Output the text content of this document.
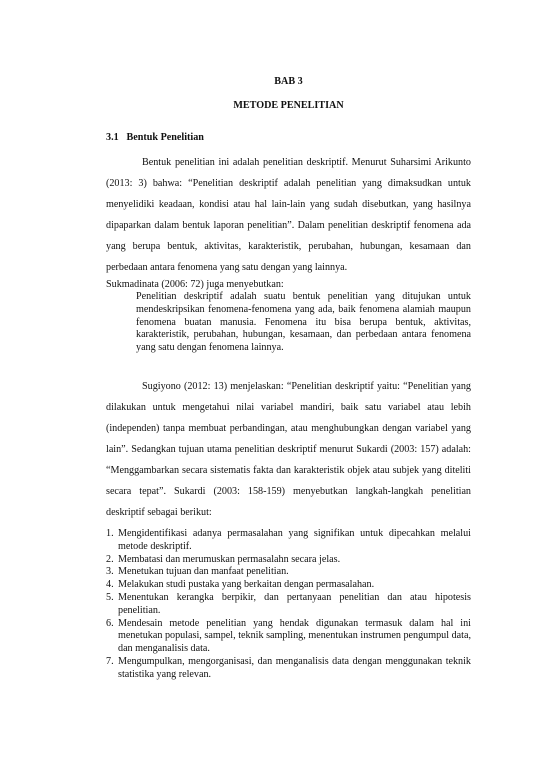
BAB 3
METODE PENELITIAN
3.1 Bentuk Penelitian

Bentuk penelitian ini adalah penelitian deskriptif. Menurut Suharsimi Arikunto (2013: 3) bahwa: “Penelitian deskriptif adalah penelitian yang dimaksudkan untuk menyelidiki keadaan, kondisi atau hal lain-lain yang sudah disebutkan, yang hasilnya dipaparkan dalam bentuk laporan penelitian”. Dalam penelitian deskriptif fenomena ada yang berupa bentuk, aktivitas, karakteristik, perubahan, hubungan, kesamaan dan perbedaan antara fenomena yang satu dengan yang lainnya.

Sukmadinata (2006: 72) juga menyebutkan:

Penelitian deskriptif adalah suatu bentuk penelitian yang ditujukan untuk mendeskripsikan fenomena-fenomena yang ada, baik fenomena alamiah maupun fenomena buatan manusia. Fenomena itu bisa berupa bentuk, aktivitas, karakteristik, perubahan, hubungan, kesamaan, dan perbedaan antara fenomena yang satu dengan fenomena lainnya.

Sugiyono (2012: 13) menjelaskan: “Penelitian deskriptif yaitu: “Penelitian yang dilakukan untuk mengetahui nilai variabel mandiri, baik satu variabel atau lebih (independen) tanpa membuat perbandingan, atau menghubungkan dengan variabel yang lain”. Sedangkan tujuan utama penelitian deskriptif menurut Sukardi (2003: 157) adalah: “Menggambarkan secara sistematis fakta dan karakteristik objek atau subjek yang diteliti secara tepat”. Sukardi (2003: 158-159) menyebutkan langkah-langkah penelitian deskriptif sebagai berikut:

1. Mengidentifikasi adanya permasalahan yang signifikan untuk dipecahkan melalui metode deskriptif.
2. Membatasi dan merumuskan permasalahn secara jelas.
3. Menetukan tujuan dan manfaat penelitian.
4. Melakukan studi pustaka yang berkaitan dengan permasalahan.
5. Menentukan kerangka berpikir, dan pertanyaan penelitian dan atau hipotesis penelitian.
6. Mendesain metode penelitian yang hendak digunakan termasuk dalam hal ini menetukan populasi, sampel, teknik sampling, menentukan instrumen pengumpul data, dan menganalisis data.
7. Mengumpulkan, mengorganisasi, dan menganalisis data dengan menggunakan teknik statistika yang relevan.
